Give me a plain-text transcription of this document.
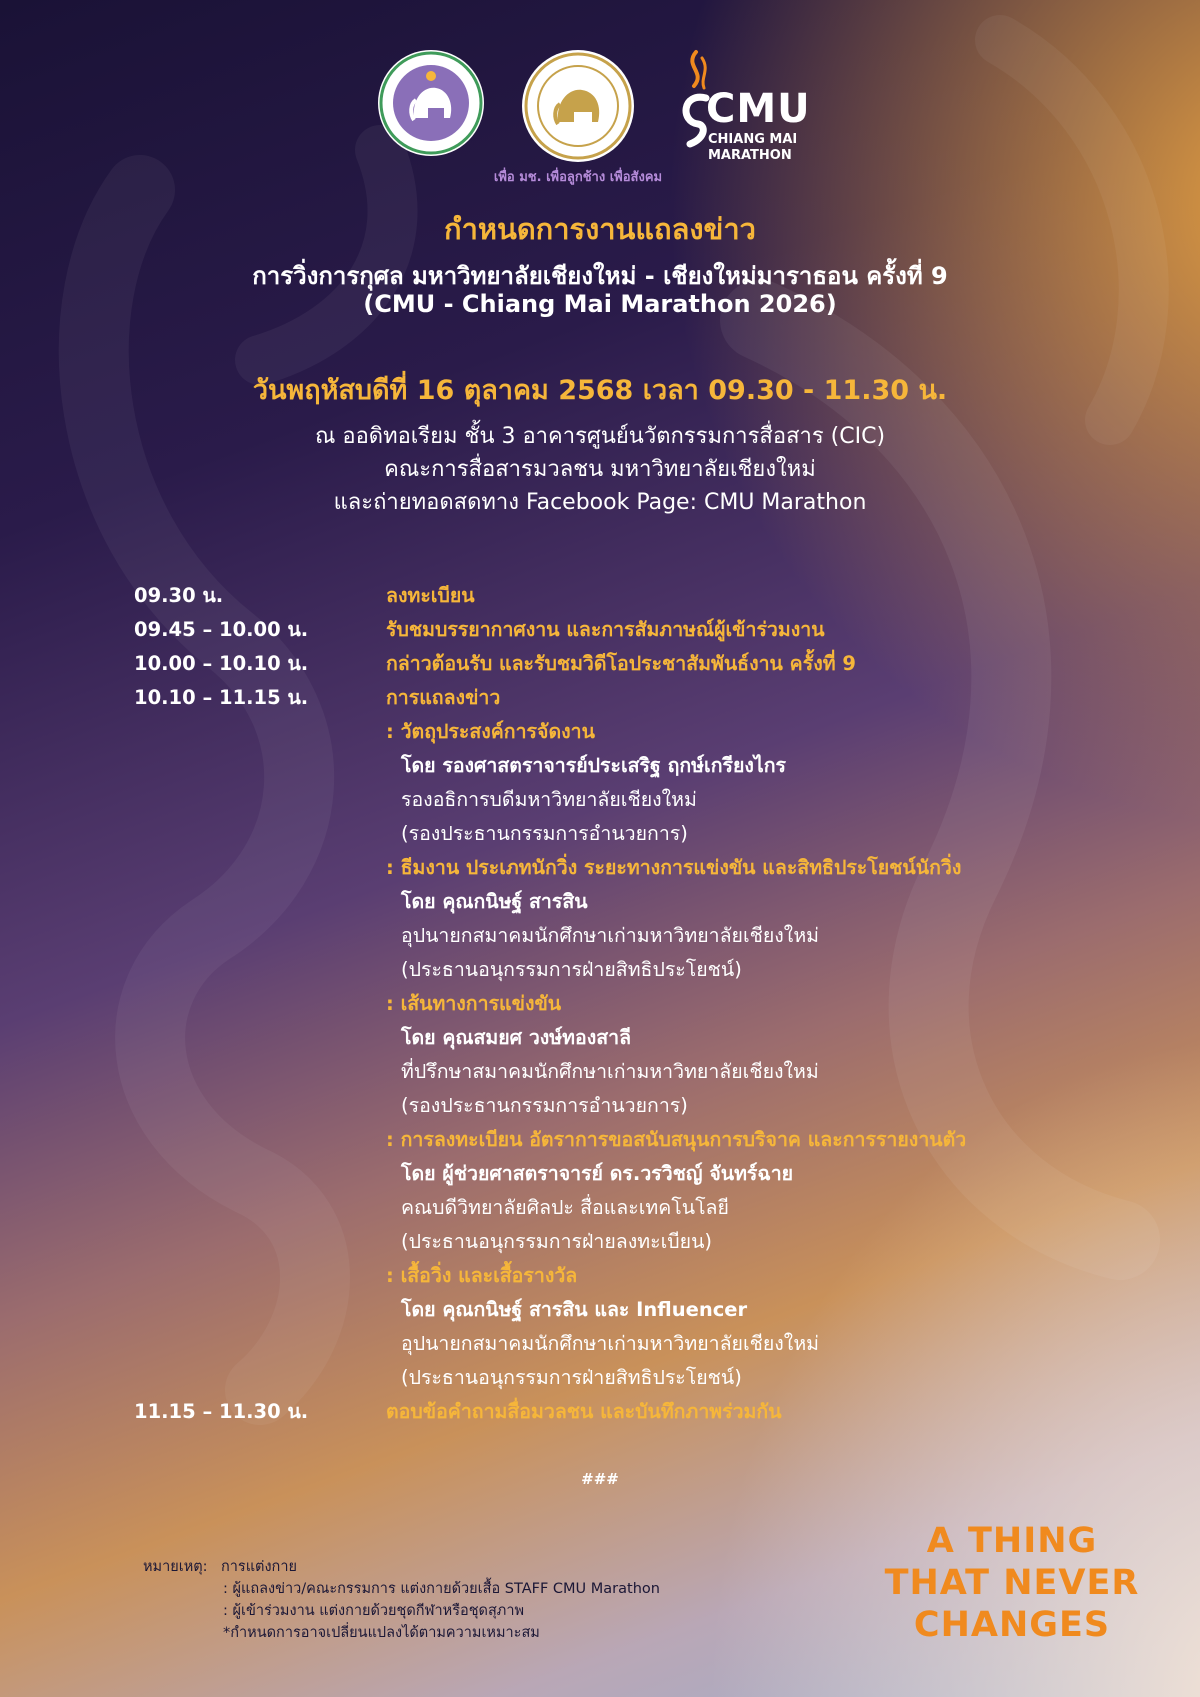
เพื่อ มช. เพื่อลูกช้าง เพื่อสังคม
CMU
CHIANG MAI
MARATHON
กำหนดการงานแถลงข่าว
การวิ่งการกุศล มหาวิทยาลัยเชียงใหม่ - เชียงใหม่มาราธอน ครั้งที่ 9
(CMU - Chiang Mai Marathon 2026)
วันพฤหัสบดีที่ 16 ตุลาคม 2568 เวลา 09.30 - 11.30 น.
ณ ออดิทอเรียม ชั้น 3 อาคารศูนย์นวัตกรรมการสื่อสาร (CIC)
คณะการสื่อสารมวลชน มหาวิทยาลัยเชียงใหม่
และถ่ายทอดสดทาง Facebook Page: CMU Marathon
09.30 น.	ลงทะเบียน
09.45 – 10.00 น.	รับชมบรรยากาศงาน และการสัมภาษณ์ผู้เข้าร่วมงาน
10.00 – 10.10 น.	กล่าวต้อนรับ และรับชมวิดีโอประชาสัมพันธ์งาน ครั้งที่ 9
10.10 – 11.15 น.	การแถลงข่าว
: วัตถุประสงค์การจัดงาน
โดย รองศาสตราจารย์ประเสริฐ ฤกษ์เกรียงไกร
รองอธิการบดีมหาวิทยาลัยเชียงใหม่
(รองประธานกรรมการอำนวยการ)
: ธีมงาน ประเภทนักวิ่ง ระยะทางการแข่งขัน และสิทธิประโยชน์นักวิ่ง
โดย คุณกนิษฐ์ สารสิน
อุปนายกสมาคมนักศึกษาเก่ามหาวิทยาลัยเชียงใหม่
(ประธานอนุกรรมการฝ่ายสิทธิประโยชน์)
: เส้นทางการแข่งขัน
โดย คุณสมยศ วงษ์ทองสาลี
ที่ปรึกษาสมาคมนักศึกษาเก่ามหาวิทยาลัยเชียงใหม่
(รองประธานกรรมการอำนวยการ)
: การลงทะเบียน อัตราการขอสนับสนุนการบริจาค และการรายงานตัว
โดย ผู้ช่วยศาสตราจารย์ ดร.วรวิชญ์ จันทร์ฉาย
คณบดีวิทยาลัยศิลปะ สื่อและเทคโนโลยี
(ประธานอนุกรรมการฝ่ายลงทะเบียน)
: เสื้อวิ่ง และเสื้อรางวัล
โดย คุณกนิษฐ์ สารสิน และ Influencer
อุปนายกสมาคมนักศึกษาเก่ามหาวิทยาลัยเชียงใหม่
(ประธานอนุกรรมการฝ่ายสิทธิประโยชน์)
11.15 – 11.30 น.	ตอบข้อคำถามสื่อมวลชน และบันทึกภาพร่วมกัน
###
หมายเหตุ: การแต่งกาย
: ผู้แถลงข่าว/คณะกรรมการ แต่งกายด้วยเสื้อ STAFF CMU Marathon
: ผู้เข้าร่วมงาน แต่งกายด้วยชุดกีฬาหรือชุดสุภาพ
*กำหนดการอาจเปลี่ยนแปลงได้ตามความเหมาะสม
A THING
THAT NEVER
CHANGES
